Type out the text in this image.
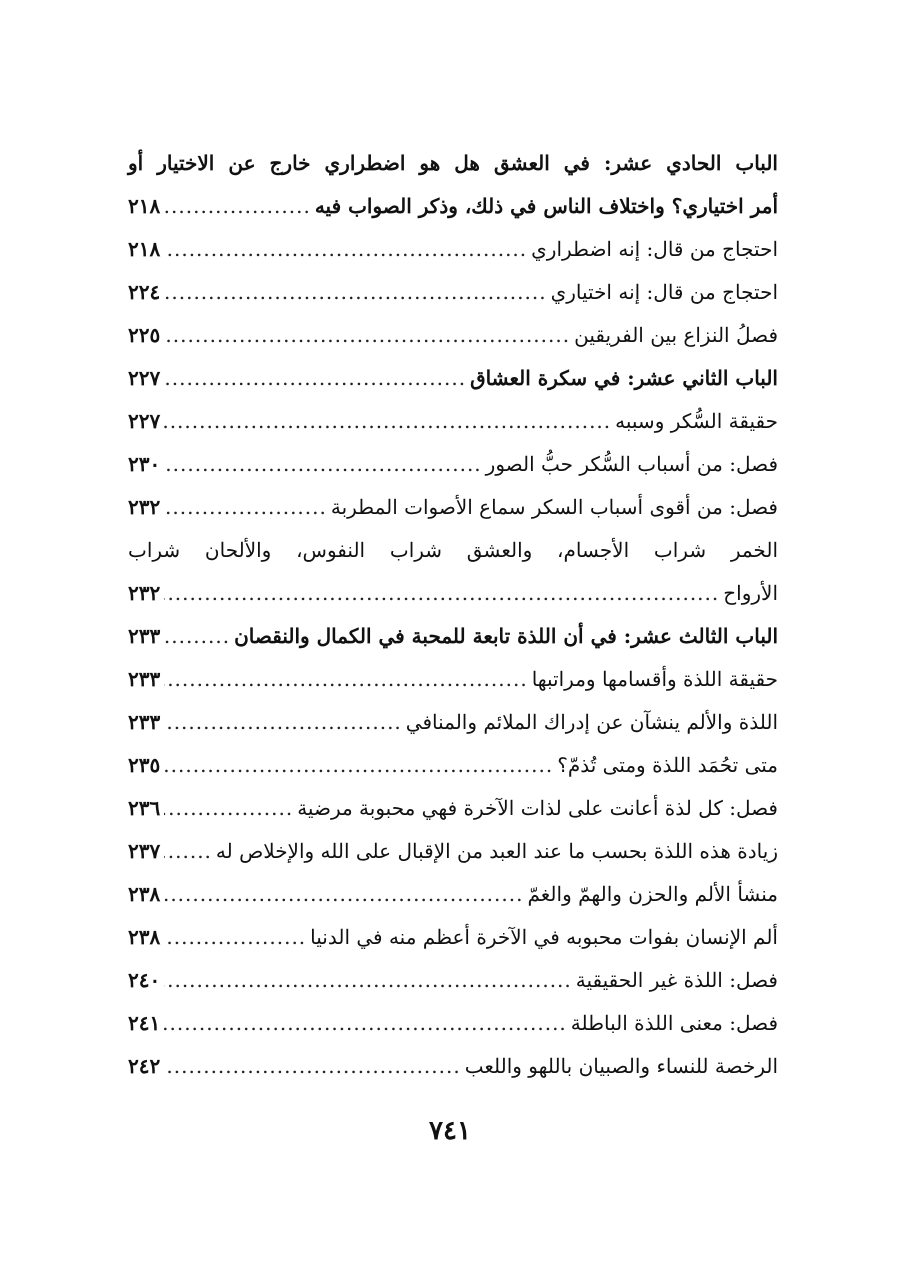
الباب الحادي عشر: في العشق هل هو اضطراري خارج عن الاختيار أو
أمر اختياري؟ واختلاف الناس في ذلك، وذكر الصواب فيه
.....
٢١٨
احتجاج من قال: إنه اضطراري
.....
٢١٨
احتجاج من قال: إنه اختياري
.....
٢٢٤
فصلُ النزاع بين الفريقين
.....
٢٢٥
الباب الثاني عشر: في سكرة العشاق
.....
٢٢٧
حقيقة السُّكر وسببه
.....
٢٢٧
فصل: من أسباب السُّكر حبُّ الصور
.....
٢٣٠
فصل: من أقوى أسباب السكر سماع الأصوات المطربة
.....
٢٣٢
الخمر شراب الأجسام، والعشق شراب النفوس، والألحان شراب
الأرواح
.....
٢٣٢
الباب الثالث عشر: في أن اللذة تابعة للمحبة في الكمال والنقصان
.....
٢٣٣
حقيقة اللذة وأقسامها ومراتبها
.....
٢٣٣
اللذة والألم ينشآن عن إدراك الملائم والمنافي
.....
٢٣٣
متى تحُمَد اللذة ومتى تُذمّ؟
.....
٢٣٥
فصل: كل لذة أعانت على لذات الآخرة فهي محبوبة مرضية
.....
٢٣٦
زيادة هذه اللذة بحسب ما عند العبد من الإقبال على الله والإخلاص له
.....
٢٣٧
منشأ الألم والحزن والهمّ والغمّ
.....
٢٣٨
ألم الإنسان بفوات محبوبه في الآخرة أعظم منه في الدنيا
.....
٢٣٨
فصل: اللذة غير الحقيقية
.....
٢٤٠
فصل: معنى اللذة الباطلة
.....
٢٤١
الرخصة للنساء والصبيان باللهو واللعب
.....
٢٤٢
٧٤١
